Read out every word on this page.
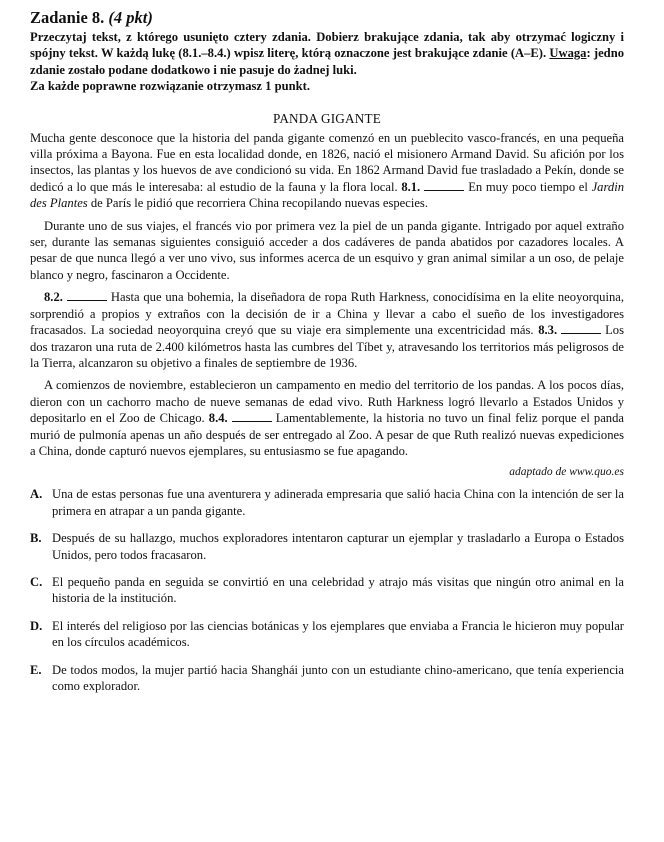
Zadanie 8. (4 pkt)

Przeczytaj tekst, z którego usunięto cztery zdania. Dobierz brakujące zdania, tak aby otrzymać logiczny i spójny tekst. W każdą lukę (8.1.–8.4.) wpisz literę, którą oznaczone jest brakujące zdanie (A–E). Uwaga: jedno zdanie zostało podane dodatkowo i nie pasuje do żadnej luki.
Za każde poprawne rozwiązanie otrzymasz 1 punkt.

PANDA GIGANTE

Mucha gente desconoce que la historia del panda gigante comenzó en un pueblecito vasco-francés, en una pequeña villa próxima a Bayona. Fue en esta localidad donde, en 1826, nació el misionero Armand David. Su afición por los insectos, las plantas y los huevos de ave condicionó su vida. En 1862 Armand David fue trasladado a Pekín, donde se dedicó a lo que más le interesaba: al estudio de la fauna y la flora local. 8.1.	En muy poco tiempo el Jardin des Plantes de París le pidió que recorriera China recopilando nuevas especies.

Durante uno de sus viajes, el francés vio por primera vez la piel de un panda gigante. Intrigado por aquel extraño ser, durante las semanas siguientes consiguió acceder a dos cadáveres de panda abatidos por cazadores locales. A pesar de que nunca llegó a ver uno vivo, sus informes acerca de un esquivo y gran animal similar a un oso, de pelaje blanco y negro, fascinaron a Occidente.

8.2.	Hasta que una bohemia, la diseñadora de ropa Ruth Harkness, conocidísima en la elite neoyorquina, sorprendió a propios y extraños con la decisión de ir a China y llevar a cabo el sueño de los investigadores fracasados. La sociedad neoyorquina creyó que su viaje era simplemente una excentricidad más. 8.3.	Los dos trazaron una ruta de 2.400 kilómetros hasta las cumbres del Tíbet y, atravesando los territorios más peligrosos de la Tierra, alcanzaron su objetivo a finales de septiembre de 1936.

A comienzos de noviembre, establecieron un campamento en medio del territorio de los pandas. A los pocos días, dieron con un cachorro macho de nueve semanas de edad vivo. Ruth Harkness logró llevarlo a Estados Unidos y depositarlo en el Zoo de Chicago. 8.4.	Lamentablemente, la historia no tuvo un final feliz porque el panda murió de pulmonía apenas un año después de ser entregado al Zoo. A pesar de que Ruth realizó nuevas expediciones a China, donde capturó nuevos ejemplares, su entusiasmo se fue apagando.

adaptado de www.quo.es
A. Una de estas personas fue una aventurera y adinerada empresaria que salió hacia China con la intención de ser la primera en atrapar a un panda gigante.
B. Después de su hallazgo, muchos exploradores intentaron capturar un ejemplar y trasladarlo a Europa o Estados Unidos, pero todos fracasaron.
C. El pequeño panda en seguida se convirtió en una celebridad y atrajo más visitas que ningún otro animal en la historia de la institución.
D. El interés del religioso por las ciencias botánicas y los ejemplares que enviaba a Francia le hicieron muy popular en los círculos académicos.
E. De todos modos, la mujer partió hacia Shanghái junto con un estudiante chino-americano, que tenía experiencia como explorador.
